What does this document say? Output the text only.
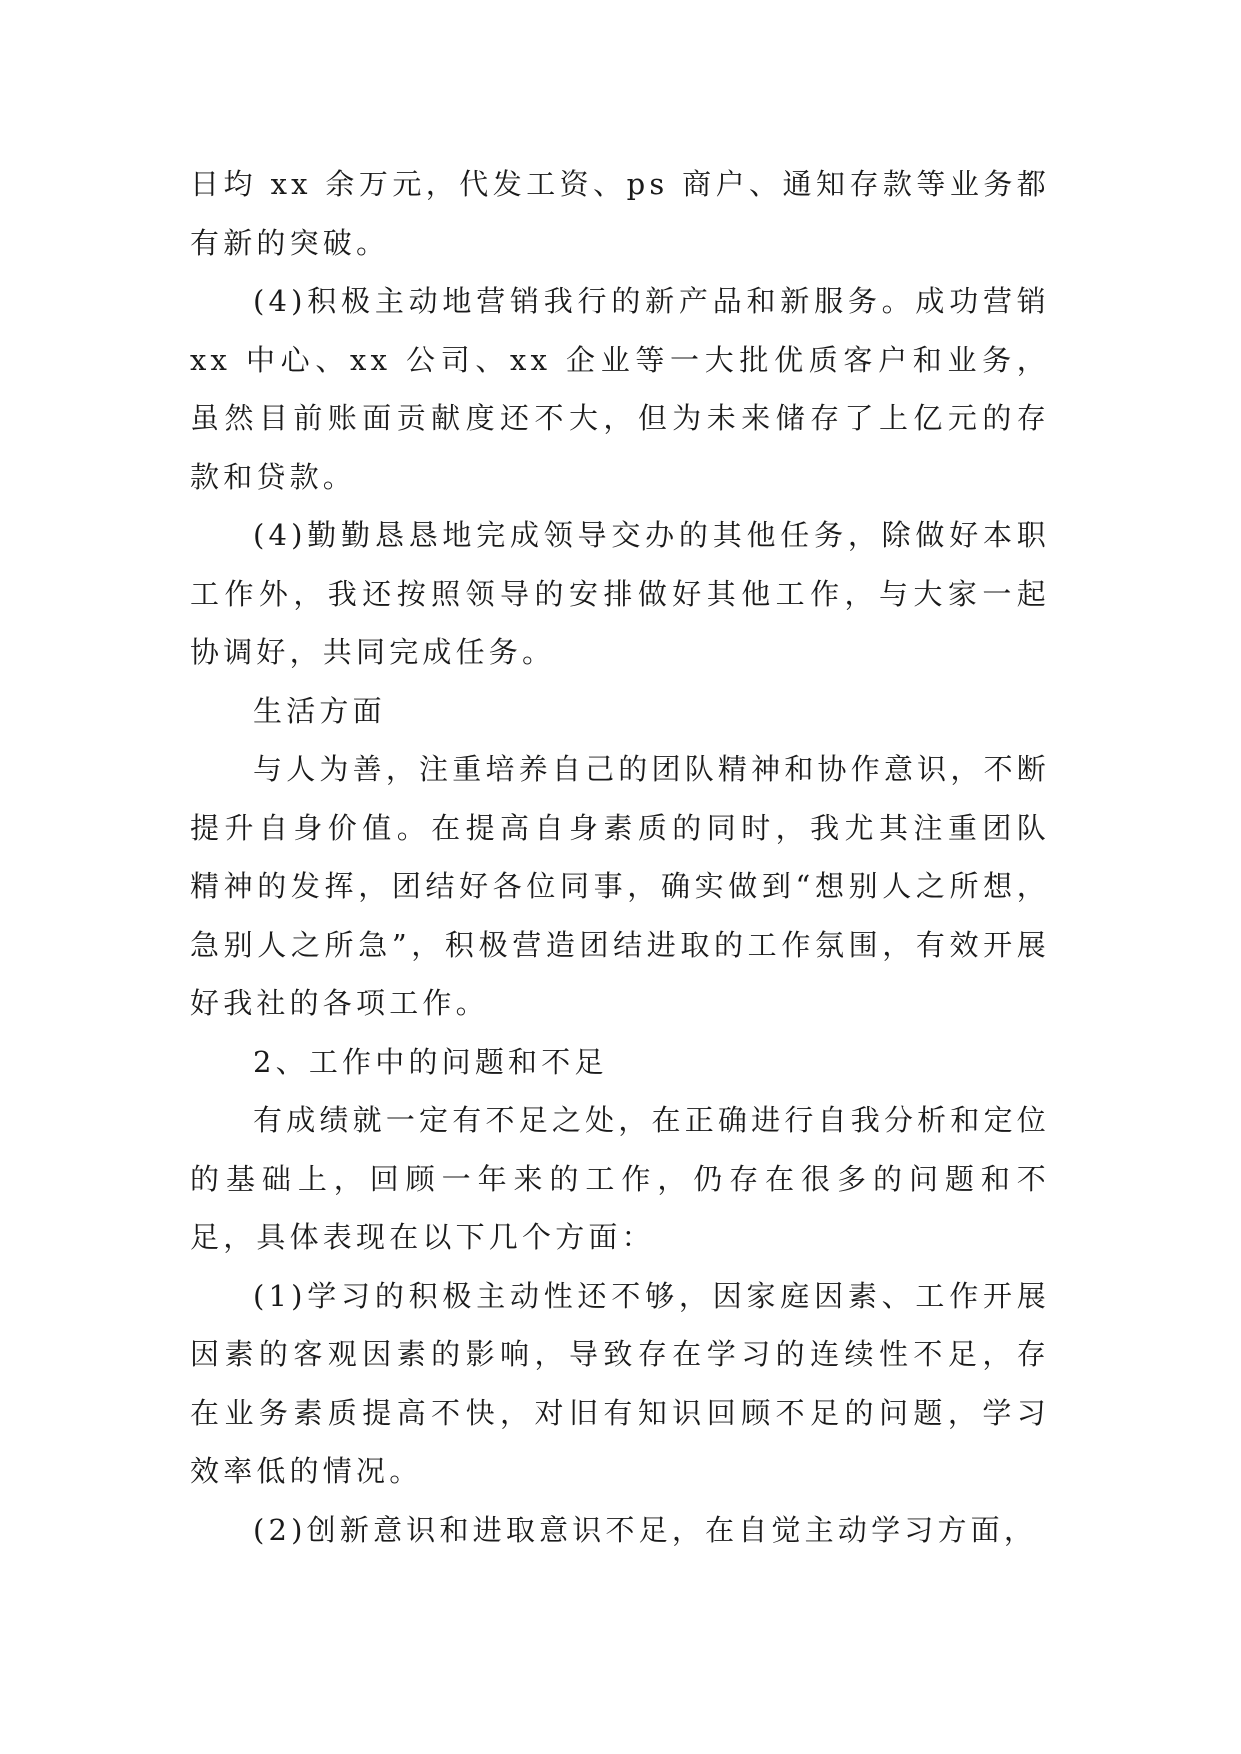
日均 xx 余万元，代发工资、ps 商户、通知存款等业务都有新的突破。

(4)积极主动地营销我行的新产品和新服务。成功营销 xx 中心、xx 公司、xx 企业等一大批优质客户和业务，虽然目前账面贡献度还不大，但为未来储存了上亿元的存款和贷款。

(4)勤勤恳恳地完成领导交办的其他任务，除做好本职工作外，我还按照领导的安排做好其他工作，与大家一起协调好，共同完成任务。

生活方面

与人为善，注重培养自己的团队精神和协作意识，不断提升自身价值。在提高自身素质的同时，我尤其注重团队精神的发挥，团结好各位同事，确实做到“想别人之所想，急别人之所急”，积极营造团结进取的工作氛围，有效开展好我社的各项工作。

2、工作中的问题和不足

有成绩就一定有不足之处，在正确进行自我分析和定位的基础上，回顾一年来的工作，仍存在很多的问题和不足，具体表现在以下几个方面：

(1)学习的积极主动性还不够，因家庭因素、工作开展因素的客观因素的影响，导致存在学习的连续性不足，存在业务素质提高不快，对旧有知识回顾不足的问题，学习效率低的情况。

(2)创新意识和进取意识不足，在自觉主动学习方面，
